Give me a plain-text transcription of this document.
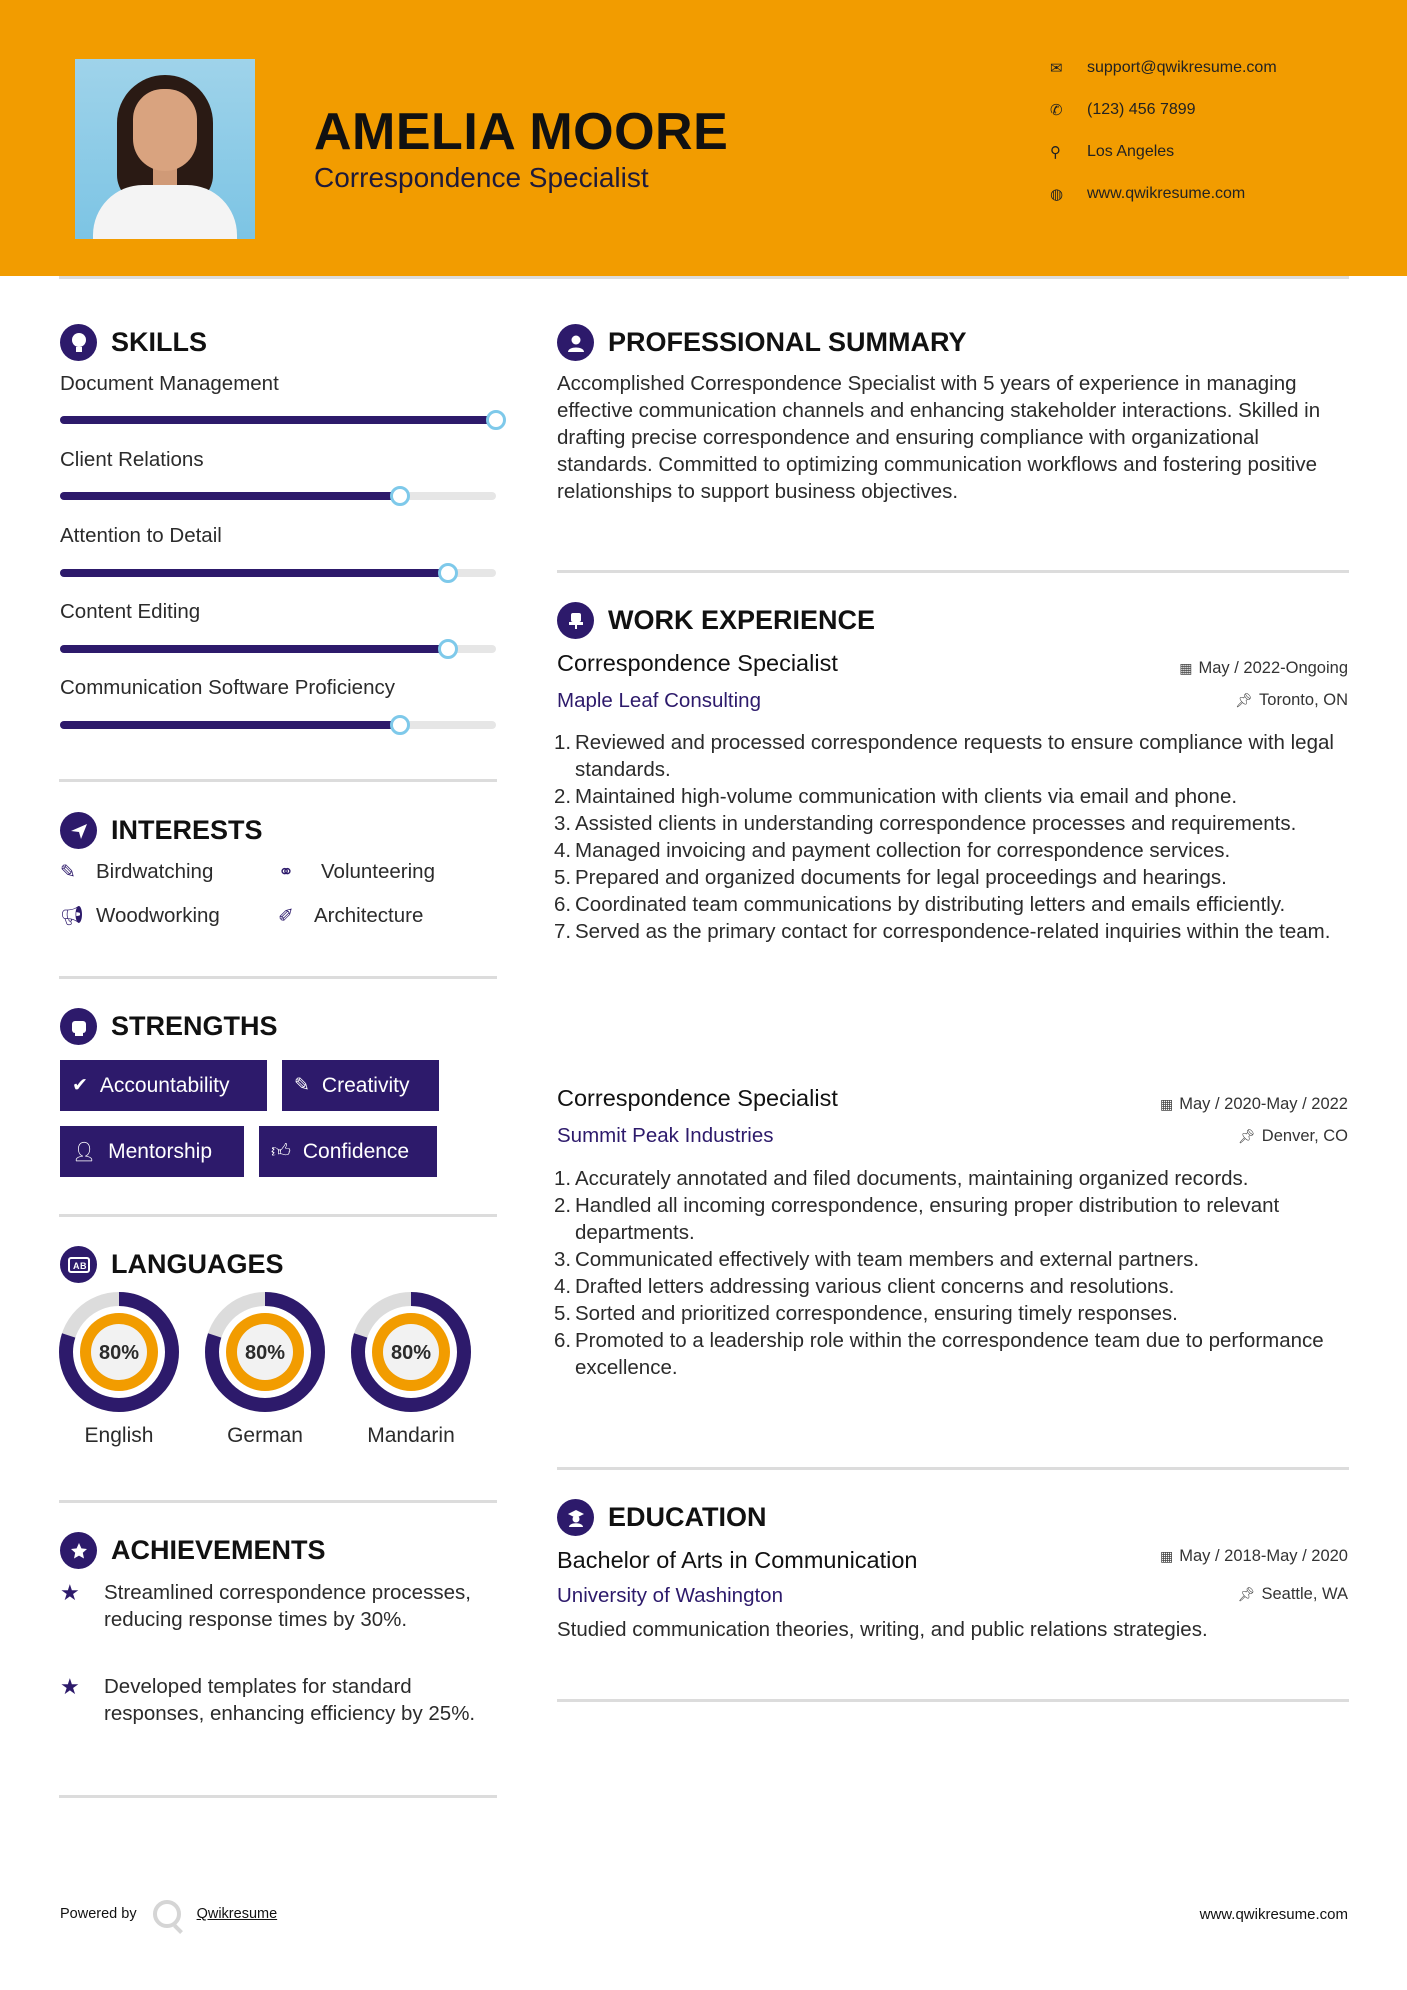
AMELIA MOORE
Correspondence Specialist
✉	support@qwikresume.com
✆	(123) 456 7899
⚲	Los Angeles
◍	www.qwikresume.com
SKILLS
Document Management
Client Relations
Attention to Detail
Content Editing
Communication Software Proficiency
INTERESTS
✎ Birdwatching	⚭	Volunteering
📢︎ Woodworking	✐ Architecture
STRENGTHS
✔ Accountability	✎ Creativity
👤︎ Mentorship	👍︎ Confidence
A B LANGUAGES
80%
English
80%
German
80%
Mandarin
ACHIEVEMENTS
★	Streamlined correspondence processes, reducing response times by 30%.
★	Developed templates for standard responses, enhancing efficiency by 25%.
PROFESSIONAL SUMMARY
Accomplished Correspondence Specialist with 5 years of experience in managing effective communication channels and enhancing stakeholder interactions. Skilled in drafting precise correspondence and ensuring compliance with organizational standards. Committed to optimizing communication workflows and fostering positive relationships to support business objectives.
WORK EXPERIENCE
Correspondence Specialist	▦ May / 2022-Ongoing
Maple Leaf Consulting	📌︎ Toronto, ON
1. Reviewed and processed correspondence requests to ensure compliance with legal standards.
2. Maintained high-volume communication with clients via email and phone.
3. Assisted clients in understanding correspondence processes and requirements.
4. Managed invoicing and payment collection for correspondence services.
5. Prepared and organized documents for legal proceedings and hearings.
6. Coordinated team communications by distributing letters and emails efficiently.
7. Served as the primary contact for correspondence-related inquiries within the team.
Correspondence Specialist	▦ May / 2020-May / 2022
Summit Peak Industries	📌︎ Denver, CO
1. Accurately annotated and filed documents, maintaining organized records.
2. Handled all incoming correspondence, ensuring proper distribution to relevant departments.
3. Communicated effectively with team members and external partners.
4. Drafted letters addressing various client concerns and resolutions.
5. Sorted and prioritized correspondence, ensuring timely responses.
6. Promoted to a leadership role within the correspondence team due to performance excellence.
EDUCATION
Bachelor of Arts in Communication	▦ May / 2018-May / 2020
University of Washington	📌︎ Seattle, WA
Studied communication theories, writing, and public relations strategies.
Powered by	Qwikresume	www.qwikresume.com
